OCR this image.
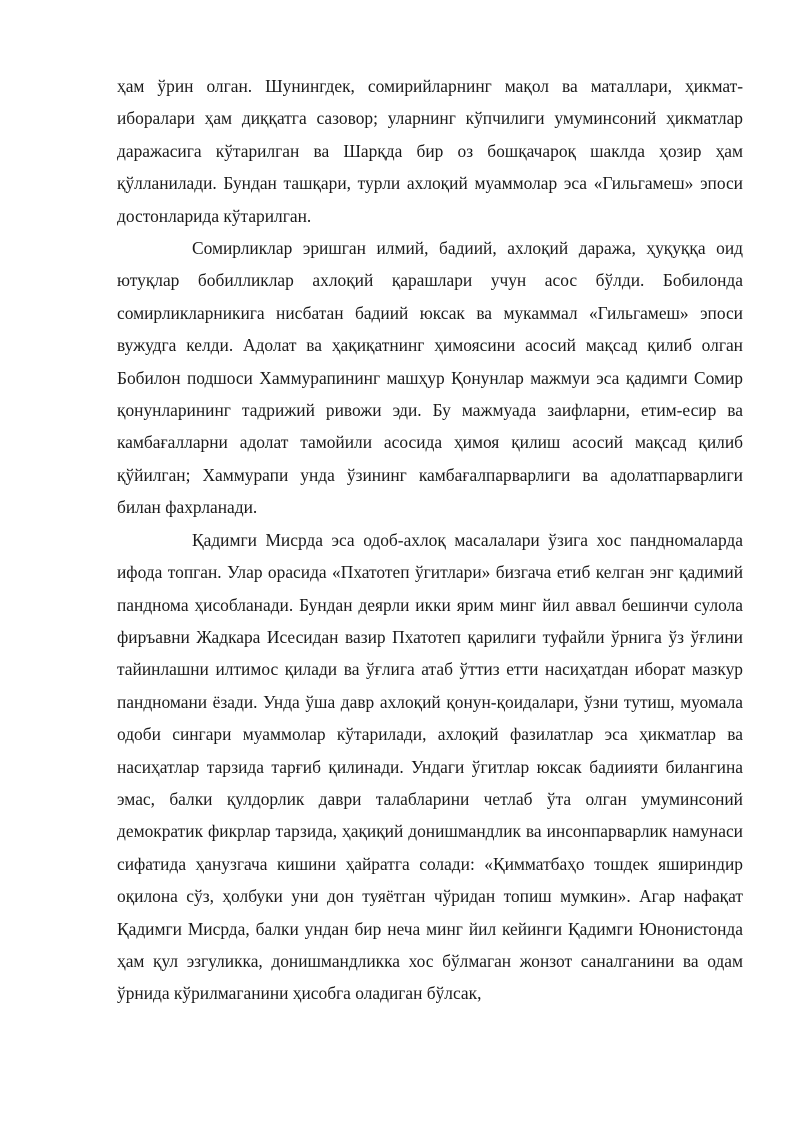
ҳам ўрин олган. Шунингдек, сомирийларнинг мақол ва маталлари, ҳикмат-иборалари ҳам диққатга сазовор; уларнинг кўпчилиги умуминсоний ҳикматлар даражасига кўтарилган ва Шарқда бир оз бошқачароқ шаклда ҳозир ҳам қўлланилади. Бундан ташқари, турли ахлоқий муаммолар эса «Гильгамеш» эпоси достонларида кўтарилган.

Сомирликлар эришган илмий, бадиий, ахлоқий даража, ҳуқуққа оид ютуқлар бобилликлар ахлоқий қарашлари учун асос бўлди. Бобилонда сомирликларникига нисбатан бадиий юксак ва мукаммал «Гильгамеш» эпоси вужудга келди. Адолат ва ҳақиқатнинг ҳимоясини асосий мақсад қилиб олган Бобилон подшоси Хаммурапининг машҳур Қонунлар мажмуи эса қадимги Сомир қонунларининг тадрижий ривожи эди. Бу мажмуада заифларни, етим-есир ва камбағалларни адолат тамойили асосида ҳимоя қилиш асосий мақсад қилиб қўйилган; Хаммурапи унда ўзининг камбағалпарварлиги ва адолатпарварлиги билан фахрланади.

Қадимги Мисрда эса одоб-ахлоқ масалалари ўзига хос пандномаларда ифода топган. Улар орасида «Пхатотеп ўгитлари» бизгача етиб келган энг қадимий пандномa ҳисобланади. Бундан деярли икки ярим минг йил аввал бешинчи сулола фиръавни Жадкара Исесидан вазир Пхатотеп қарилиги туфайли ўрнига ўз ўғлини тайинлашни илтимос қилади ва ўғлига атаб ўттиз етти насиҳатдан иборат мазкур пандномани ёзади. Унда ўша давр ахлоқий қонун-қоидалари, ўзни тутиш, муомала одоби сингари муаммолар кўтарилади, ахлоқий фазилатлар эса ҳикматлар ва насиҳатлар тарзида тарғиб қилинади. Ундаги ўгитлар юксак бадиияти билангина эмас, балки қулдорлик даври талабларини четлаб ўта олган умуминсоний демократик фикрлар тарзида, ҳақиқий донишмандлик ва инсонпарварлик намунаси сифатида ҳанузгача кишини ҳайратга солади: «Қимматбаҳо тошдек яшириндир оқилона сўз, ҳолбуки уни дон туяётган чўридан топиш мумкин». Агар нафақат Қадимги Мисрда, балки ундан бир неча минг йил кейинги Қадимги Юнонистонда ҳам қул эзгуликка, донишмандликка хос бўлмаган жонзот саналганини ва одам ўрнида кўрилмаганини ҳисобга оладиган бўлсак,
